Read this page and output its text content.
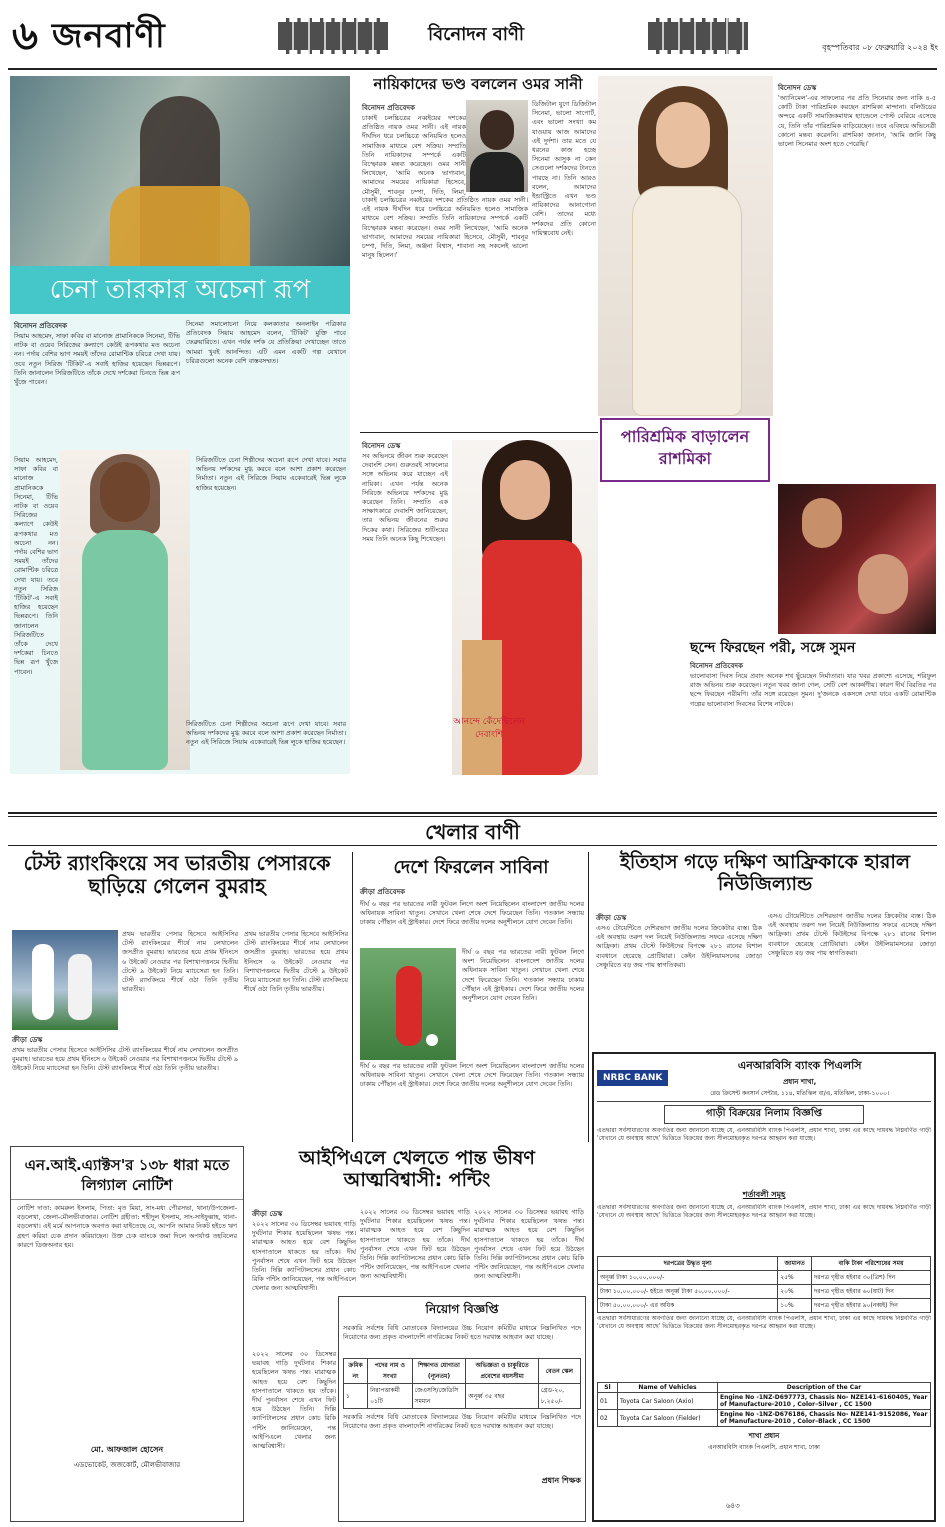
৬ জনবাণী	বিনোদন বাণী
বৃহস্পতিবার ০৮ ফেব্রুয়ারি ২০২৪ ইং
চেনা তারকার অচেনা রূপ
বিনোদন প্রতিবেদক
সিয়াম আহমেদ, সাফা কবির বা মানোজ প্রামানিককে সিনেমা, টিভি নাটক বা ওয়েব সিরিজের কল্যাণে কেউই রূপকথার মত অচেনা নন। পর্দায় বেশির ভাগ সময়ই তাঁদের রোমান্টিক চরিত্রে দেখা যায়। তবে নতুন সিরিজ 'টিকিট'-এ সবাই হাজির হয়েছেন ভিন্নরূপে। তিনি জানালেন সিরিজটিতে তাঁকে দেখে দর্শকেরা চিনতে ভিন্ন রূপ খুঁজে পাবেন।
সিনেমা সমালোচনা নিয়ে কলকাতার অনলাইন পত্রিকার প্রতিবেদক সিয়াম আহমেদ বলেন, 'টিকিট' মুক্তি পাবে ফেব্রুয়ারিতে। এখন পর্যন্ত দর্শক যে প্রতিক্রিয়া দেখাচ্ছেন তাতে আমরা খুবই আনন্দিত। এটি এমন একটি গল্প যেখানে চরিত্রগুলো অনেক বেশি বাস্তবসম্মত।
সিরিজটিতে চেনা শিল্পীদের অচেনা রূপে দেখা যাবে। সবার অভিনয় দর্শকদের মুগ্ধ করবে বলে আশা প্রকাশ করেছেন নির্মাতা। নতুন এই সিরিজে সিয়াম একেবারেই ভিন্ন লুকে হাজির হয়েছেন।
সিয়াম আহমেদ, সাফা কবির বা মানোজ প্রামানিককে সিনেমা, টিভি নাটক বা ওয়েব সিরিজের কল্যাণে কেউই রূপকথার মত অচেনা নন। পর্দায় বেশির ভাগ সময়ই তাঁদের রোমান্টিক চরিত্রে দেখা যায়। তবে নতুন সিরিজ 'টিকিট'-এ সবাই হাজির হয়েছেন ভিন্নরূপে। তিনি জানালেন সিরিজটিতে তাঁকে দেখে দর্শকেরা চিনতে ভিন্ন রূপ খুঁজে পাবেন।
সিরিজটিতে চেনা শিল্পীদের অচেনা রূপে দেখা যাবে। সবার অভিনয় দর্শকদের মুগ্ধ করবে বলে আশা প্রকাশ করেছেন নির্মাতা। নতুন এই সিরিজে সিয়াম একেবারেই ভিন্ন লুকে হাজির হয়েছেন।
নায়িকাদের ভণ্ড বললেন ওমর সানী
বিনোদন প্রতিবেদক
চাকাই চলচ্চিত্রের নব্বইয়ের দশকের প্রতিষ্ঠিত নায়ক ওমর সানী। এই নায়ক দীর্ঘদিন ধরে চলচ্চিত্রে অনিয়মিত হলেও সামাজিক মাধ্যমে বেশ সক্রিয়। সম্প্রতি তিনি নায়িকাদের সম্পর্কে একটি বিস্ফোরক মন্তব্য করেছেন। ওমর সানী লিখেছেন, 'আমি অনেক ভাগ্যবান, আমাদের সময়ের নায়িকারা হিসেবে, মৌসুমী, শাবনূর চম্পা, দিতি, লিমা,
ডিজিটাল যুগে ডিজিটাল সিনেমা, ভালো সাপোর্ট, এবং ভালো সংখ্যা কম যাওয়ায় আজ আমাদের এই দুর্দশা। তার মতে যে ধরনের কাজ হচ্ছে সিনেমা আসুক না কেন সেগুলো দর্শকদের টানতে পারছে না। তিনি আরও বলেন, আমাদের ইন্ডাস্ট্রিতে এখন ভণ্ড নায়িকাদের আনাগোনা বেশি। তাদের মধ্যে দর্শকদের প্রতি কোনো দায়িত্ববোধ নেই।
চাকাই চলচ্চিত্রের নব্বইয়ের দশকের প্রতিষ্ঠিত নায়ক ওমর সানী। এই নায়ক দীর্ঘদিন ধরে চলচ্চিত্রে অনিয়মিত হলেও সামাজিক মাধ্যমে বেশ সক্রিয়। সম্প্রতি তিনি নায়িকাদের সম্পর্কে একটি বিস্ফোরক মন্তব্য করেছেন। ওমর সানী লিখেছেন, 'আমি অনেক ভাগ্যবান, আমাদের সময়ের নায়িকারা হিসেবে, মৌসুমী, শাবনূর চম্পা, দিতি, লিমা, অঞ্জনা বিশ্বাস, শাবানা সহ সকলেই ভালো মানুষ ছিলেন।'
বিনোদন ডেস্ক
সব অভিনয়ে জীবন শুরু করেছেন দেবাংশি সেন। গুরুতরই সাফল্যের সঙ্গে অভিনয় করে যাচ্ছেন এই নায়িকা। এখন পর্যন্ত অনেক সিরিজে অভিনয়ে দর্শকদের মুগ্ধ করেছেন তিনি। সম্প্রতি এক সাক্ষাৎকারে দেবাংশি জানিয়েছেন, তার অভিনয় জীবনের শুরুর দিকের কথা। সিরিজের শুটিংয়ের সময় তিনি অনেক কিছু শিখেছেন।
আনন্দে কেঁদেছিলেন দেবাংশি
বিনোদন ডেস্ক
'অ্যানিমেল'-এর সাফল্যের পর প্রতি সিনেমার জন্য নাকি ৪-৫ কোটি টাকা পারিশ্রমিক করছেন রাশমিকা মান্দানা। বলিউডের অন্দরে একটি সামাজিকমাধ্যম হ্যান্ডেলে পোস্ট বেরিয়ে এসেছে যে, তিনি তাঁর পারিশ্রমিক বাড়িয়েছেন। তবে এবিষয়ে অভিনেত্রী কোনো মন্তব্য করেননি। রাশমিকা জানান, 'আমি জানি কিছু ভালো সিনেমার অংশ হতে পেরেছি।'
পারিশ্রমিক বাড়ালেন রাশমিকা
ছন্দে ফিরছেন পরী, সঙ্গে সুমন
বিনোদন প্রতিবেদক
ভালোবাসা দিবস নিয়ে প্রবাদ অনেক শখ ছুঁয়েছেন নির্মাতারা। যার খবর প্রকাশ্যে এসেছে, শরিফুল রাজ অভিনয় শুরু করেছেন। নতুন খবর জানা গেল, সেটি বেশ আকর্ষণীয়। কারণ দীর্ঘ বিরতির পর ছন্দে ফিরছেন পরীমণি। তাঁর সঙ্গে রয়েছেন সুমন। দু'জনকে একসঙ্গে দেখা যাবে একটি রোমান্টিক গল্পের ভালোবাসা দিবসের বিশেষ নাটকে।
খেলার বাণী
টেস্ট র‍্যাংকিংয়ে সব ভারতীয় পেসারকে ছাড়িয়ে গেলেন বুমরাহ
ক্রীড়া ডেস্ক
প্রথম ভারতীয় পেসার হিসেবে আইসিসির টেস্ট র‍্যাংকিংয়ের শীর্ষে নাম লেখালেন জসপ্রীত বুমরাহ। ভারতের হয়ে প্রথম ইনিংসে ৬ উইকেট নেওয়ার পর বিশাখাপত্তনমে দ্বিতীয় টেস্টে ৯ উইকেট নিয়ে ম্যাচসেরা হন তিনি। টেস্ট র‍্যাংকিংয়ে শীর্ষে ওঠা তিনি তৃতীয় ভারতীয়।
প্রথম ভারতীয় পেসার হিসেবে আইসিসির টেস্ট র‍্যাংকিংয়ের শীর্ষে নাম লেখালেন জসপ্রীত বুমরাহ। ভারতের হয়ে প্রথম ইনিংসে ৬ উইকেট নেওয়ার পর বিশাখাপত্তনমে দ্বিতীয় টেস্টে ৯ উইকেট নিয়ে ম্যাচসেরা হন তিনি। টেস্ট র‍্যাংকিংয়ে শীর্ষে ওঠা তিনি তৃতীয় ভারতীয়।
প্রথম ভারতীয় পেসার হিসেবে আইসিসির টেস্ট র‍্যাংকিংয়ের শীর্ষে নাম লেখালেন জসপ্রীত বুমরাহ। ভারতের হয়ে প্রথম ইনিংসে ৬ উইকেট নেওয়ার পর বিশাখাপত্তনমে দ্বিতীয় টেস্টে ৯ উইকেট নিয়ে ম্যাচসেরা হন তিনি। টেস্ট র‍্যাংকিংয়ে শীর্ষে ওঠা তিনি তৃতীয় ভারতীয়।
দেশে ফিরলেন সাবিনা
ক্রীড়া প্রতিবেদক
দীর্ঘ ৬ বছর পর ভারতের নারী ফুটবল লিগে অংশ নিয়েছিলেন বাংলাদেশ জাতীয় দলের অধিনায়ক সাবিনা খাতুন। সেখানে খেলা শেষে দেশে ফিরেছেন তিনি। গতকাল সন্ধ্যায় ঢাকায় পৌঁছান এই স্ট্রাইকার। দেশে ফিরে জাতীয় দলের অনুশীলনে যোগ দেবেন তিনি।
দীর্ঘ ৬ বছর পর ভারতের নারী ফুটবল লিগে অংশ নিয়েছিলেন বাংলাদেশ জাতীয় দলের অধিনায়ক সাবিনা খাতুন। সেখানে খেলা শেষে দেশে ফিরেছেন তিনি। গতকাল সন্ধ্যায় ঢাকায় পৌঁছান এই স্ট্রাইকার। দেশে ফিরে জাতীয় দলের অনুশীলনে যোগ দেবেন তিনি।
দীর্ঘ ৬ বছর পর ভারতের নারী ফুটবল লিগে অংশ নিয়েছিলেন বাংলাদেশ জাতীয় দলের অধিনায়ক সাবিনা খাতুন। সেখানে খেলা শেষে দেশে ফিরেছেন তিনি। গতকাল সন্ধ্যায় ঢাকায় পৌঁছান এই স্ট্রাইকার। দেশে ফিরে জাতীয় দলের অনুশীলনে যোগ দেবেন তিনি।
ইতিহাস গড়ে দক্ষিণ আফ্রিকাকে হারাল নিউজিল্যান্ড
ক্রীড়া ডেস্ক
এসএ টোয়েন্টিতে দেশিরভাগ জাতীয় দলের ক্রিকেটার ব্যস্ত। ঠিক এই অবস্থায় তরুণ দল নিয়েই নিউজিল্যান্ড সফরে এসেছে দক্ষিণ আফ্রিকা। প্রথম টেস্টে কিউইদের বিপক্ষে ২৮১ রানের বিশাল ব্যবধানে হেরেছে প্রোটিয়ারা। কেইন উইলিয়ামসনের জোড়া সেঞ্চুরিতে বড় জয় পায় স্বাগতিকরা।
এসএ টোয়েন্টিতে দেশিরভাগ জাতীয় দলের ক্রিকেটার ব্যস্ত। ঠিক এই অবস্থায় তরুণ দল নিয়েই নিউজিল্যান্ড সফরে এসেছে দক্ষিণ আফ্রিকা। প্রথম টেস্টে কিউইদের বিপক্ষে ২৮১ রানের বিশাল ব্যবধানে হেরেছে প্রোটিয়ারা। কেইন উইলিয়ামসনের জোড়া সেঞ্চুরিতে বড় জয় পায় স্বাগতিকরা।
এন.আই.এ্যাক্টস'র ১৩৮ ধারা মতে লিগ্যাল নোটিশ
নোটিশ দাতা: কামরুল ইসলাম, পিতা: মৃত মিয়া, সাং-মধ্য পৌরসভা, থানা/উপজেলা-বড়লেখা, জেলা-মৌলভীবাজার। নোটিশ গ্রহীতা: শহীদুল ইসলাম, সাং-সাইফুল্লাহ, থানা-বড়লেখা। এই মর্মে আপনাকে অবগত করা যাইতেছে যে, আপনি আমার নিকট হইতে ঋণ গ্রহণ করিয়া চেক প্রদান করিয়াছেন। উক্ত চেক ব্যাংকে জমা দিলে অপর্যাপ্ত তহবিলের কারণে ডিজঅনার হয়।
মো. আফজাল হোসেন
এডভোকেট, জজকোর্ট, মৌলভীবাজার
আইপিএলে খেলতে পান্ত ভীষণ আত্মবিশ্বাসী: পন্টিং
ক্রীড়া ডেস্ক
২০২২ সালের ৩০ ডিসেম্বর ভয়াবহ গাড়ি দুর্ঘটনার শিকার হয়েছিলেন ঋষভ পন্ত। মারাত্মক আহত হয়ে বেশ কিছুদিন হাসপাতালে থাকতে হয় তাঁকে। দীর্ঘ পুনর্বাসন শেষে এখন ফিট হয়ে উঠছেন তিনি। দিল্লি ক্যাপিটালসের প্রধান কোচ রিকি পন্টিং জানিয়েছেন, পন্ত আইপিএলে খেলার জন্য আত্মবিশ্বাসী।
২০২২ সালের ৩০ ডিসেম্বর ভয়াবহ গাড়ি দুর্ঘটনার শিকার হয়েছিলেন ঋষভ পন্ত। মারাত্মক আহত হয়ে বেশ কিছুদিন হাসপাতালে থাকতে হয় তাঁকে। দীর্ঘ পুনর্বাসন শেষে এখন ফিট হয়ে উঠছেন তিনি। দিল্লি ক্যাপিটালসের প্রধান কোচ রিকি পন্টিং জানিয়েছেন, পন্ত আইপিএলে খেলার জন্য আত্মবিশ্বাসী।
২০২২ সালের ৩০ ডিসেম্বর ভয়াবহ গাড়ি দুর্ঘটনার শিকার হয়েছিলেন ঋষভ পন্ত। মারাত্মক আহত হয়ে বেশ কিছুদিন হাসপাতালে থাকতে হয় তাঁকে। দীর্ঘ পুনর্বাসন শেষে এখন ফিট হয়ে উঠছেন তিনি। দিল্লি ক্যাপিটালসের প্রধান কোচ রিকি পন্টিং জানিয়েছেন, পন্ত আইপিএলে খেলার জন্য আত্মবিশ্বাসী।
২০২২ সালের ৩০ ডিসেম্বর ভয়াবহ গাড়ি দুর্ঘটনার শিকার হয়েছিলেন ঋষভ পন্ত। মারাত্মক আহত হয়ে বেশ কিছুদিন হাসপাতালে থাকতে হয় তাঁকে। দীর্ঘ পুনর্বাসন শেষে এখন ফিট হয়ে উঠছেন তিনি। দিল্লি ক্যাপিটালসের প্রধান কোচ রিকি পন্টিং জানিয়েছেন, পন্ত আইপিএলে খেলার জন্য আত্মবিশ্বাসী।
নিয়োগ বিজ্ঞপ্তি
সরকারি সর্বশেষ বিধি মোতাবেক বিদ্যালয়ের উচ্চ নিয়োগ কমিটির মাধ্যমে নিম্নলিখিত পদে নিয়োগের জন্য প্রকৃত বাংলাদেশি নাগরিকের নিকট হতে দরখাস্ত আহবান করা যাচ্ছে।
ক্রমিক নং	পদের নাম ও সংখ্যা	শিক্ষাগত যোগ্যতা (ন্যূনতম)	অভিজ্ঞতা ও চাকুরিতে প্রবেশের বয়সসীমা	বেতন স্কেল
১	নিরাপত্তাকর্মী ০১টি	জেএসসি/জেডিসি সমমান	অনূর্ধ্ব ৩৫ বছর	গ্রেড-২০, ৮,২৫০/-
সরকারি সর্বশেষ বিধি মোতাবেক বিদ্যালয়ের উচ্চ নিয়োগ কমিটির মাধ্যমে নিম্নলিখিত পদে নিয়োগের জন্য প্রকৃত বাংলাদেশি নাগরিকের নিকট হতে দরখাস্ত আহবান করা যাচ্ছে।
প্রধান শিক্ষক
NRBC BANK
এনআরবিসি ব্যাংক পিএলসি
প্রধান শাখা,
রেড ক্রিসেন্ট কনসার্ন সেন্টার, ১১৪, মতিঝিল বা/এ, মতিঝিল, ঢাকা-১০০০।
গাড়ী বিক্রয়ের নিলাম বিজ্ঞপ্তি
এতদ্বারা সর্বসাধারণের অবগতির জন্য জানানো যাচ্ছে যে, এনআরবিসি ব্যাংক পিএলসি, প্রধান শাখা, ঢাকা এর কাছে দায়বদ্ধ নিম্নবর্ণিত গাড়ী 'যেখানে যে অবস্থায় আছে' ভিত্তিতে বিক্রয়ের জন্য সীলমোহরকৃত দরপত্র আহ্বান করা যাচ্ছে।
শর্তাবলী সমূহ
এতদ্বারা সর্বসাধারণের অবগতির জন্য জানানো যাচ্ছে যে, এনআরবিসি ব্যাংক পিএলসি, প্রধান শাখা, ঢাকা এর কাছে দায়বদ্ধ নিম্নবর্ণিত গাড়ী 'যেখানে যে অবস্থায় আছে' ভিত্তিতে বিক্রয়ের জন্য সীলমোহরকৃত দরপত্র আহ্বান করা যাচ্ছে।
দরপত্রের উদ্ধৃত মূল্য	জামানত	বাকি টাকা পরিশোধের সময়
অনূর্ধ্ব টাকা ১০,০০,০০০/-	২৫%	দরপত্র গৃহীত হইবার ৩০(ত্রিশ) দিন
টাকা ১০,০০,০০০/- হইতে অনূর্ধ্ব টাকা ৫০,০০,০০০/-	২০%	দরপত্র গৃহীত হইবার ৬০(ষাট) দিন
টাকা ৫০,০০,০০০/- এর অধিক	১০%	দরপত্র গৃহীত হইবার ৯০(নব্বই) দিন
এতদ্বারা সর্বসাধারণের অবগতির জন্য জানানো যাচ্ছে যে, এনআরবিসি ব্যাংক পিএলসি, প্রধান শাখা, ঢাকা এর কাছে দায়বদ্ধ নিম্নবর্ণিত গাড়ী 'যেখানে যে অবস্থায় আছে' ভিত্তিতে বিক্রয়ের জন্য সীলমোহরকৃত দরপত্র আহ্বান করা যাচ্ছে।
Sl	Name of Vehicles	Description of the Car
01	Toyota Car Saloon (Axio)	Engine No -1NZ-D697773, Chassis No- NZE141-6160405, Year of Manufacture-2010 , Color–Silver , CC 1500
02	Toyota Car Saloon (Fielder)	Engine No -1NZ-D676186, Chassis No- NZE141-9152086, Year of Manufacture-2010 , Color–Black , CC 1500
শাখা প্রধান
এনআরবিসি ব্যাংক পিএলসি, প্রধান শাখা, ঢাকা
৬৪৩
